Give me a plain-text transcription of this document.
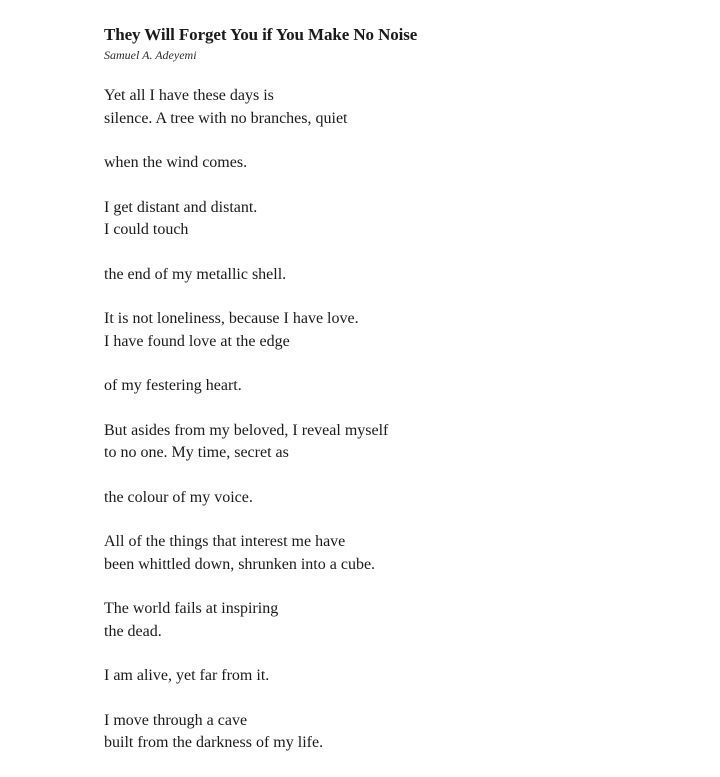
They Will Forget You if You Make No Noise
Samuel A. Adeyemi
Yet all I have these days is
silence. A tree with no branches, quiet
when the wind comes.
I get distant and distant.
I could touch
the end of my metallic shell.
It is not loneliness, because I have love.
I have found love at the edge
of my festering heart.
But asides from my beloved, I reveal myself
to no one. My time, secret as
the colour of my voice.
All of the things that interest me have
been whittled down, shrunken into a cube.
The world fails at inspiring
the dead.
I am alive, yet far from it.
I move through a cave
built from the darkness of my life.
